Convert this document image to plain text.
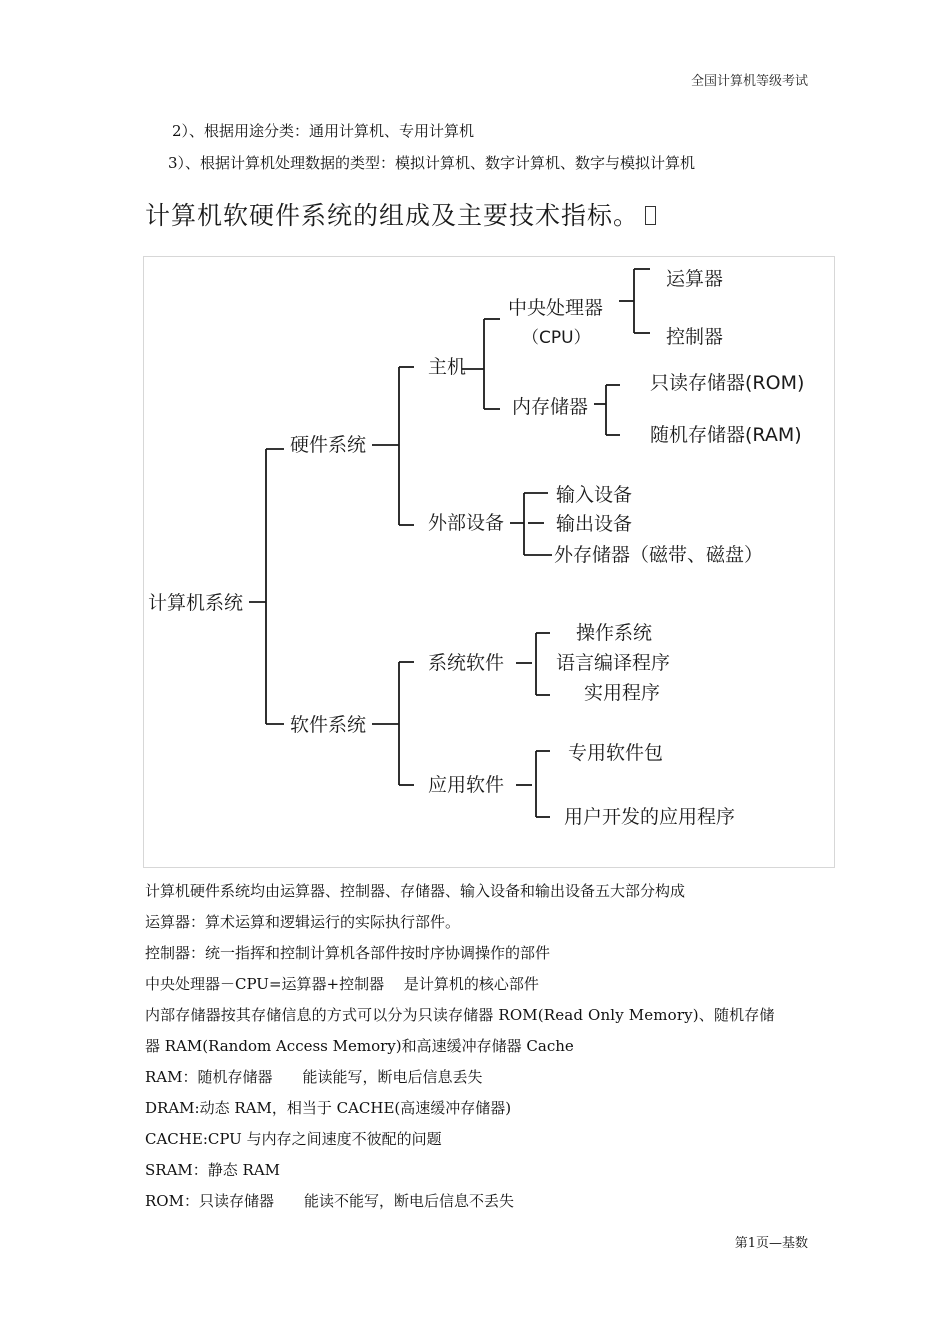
全国计算机等级考试
2）、根据用途分类：通用计算机、专用计算机
3）、根据计算机处理数据的类型：模拟计算机、数字计算机、数字与模拟计算机
计算机软硬件系统的组成及主要技术指标。
计算机系统
硬件系统
主机
中央处理器
（CPU）
运算器
控制器
内存储器
只读存储器(ROM)
随机存储器(RAM)
外部设备
输入设备
输出设备
外存储器（磁带、磁盘）
软件系统
系统软件
操作系统
语言编译程序
实用程序
应用软件
专用软件包
用户开发的应用程序
计算机硬件系统均由运算器、控制器、存储器、输入设备和输出设备五大部分构成
运算器：算术运算和逻辑运行的实际执行部件。
控制器：统一指挥和控制计算机各部件按时序协调操作的部件
中央处理器－CPU=运算器+控制器　 是计算机的核心部件
内部存储器按其存储信息的方式可以分为只读存储器 ROM(Read Only Memory)、随机存储
器 RAM(Random Access Memory)和高速缓冲存储器 Cache
RAM：随机存储器　　能读能写，断电后信息丢失
DRAM:动态 RAM，相当于 CACHE(高速缓冲存储器)
CACHE:CPU 与内存之间速度不彼配的问题
SRAM：静态 RAM
ROM：只读存储器　　能读不能写，断电后信息不丢失
第1页—基数
